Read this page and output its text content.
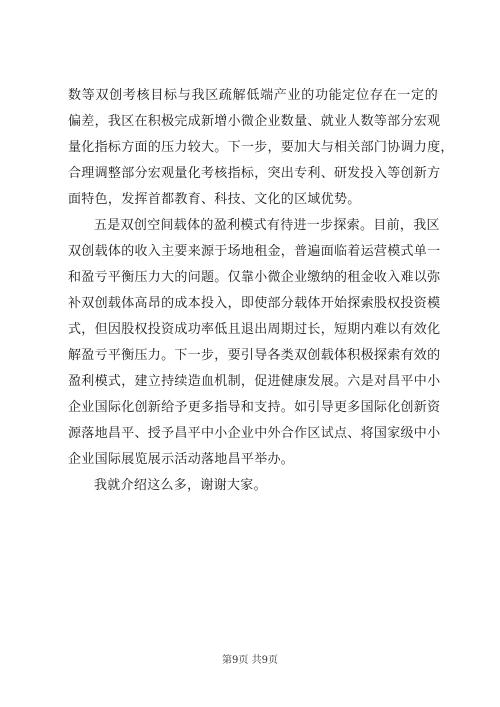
数等双创考核目标与我区疏解低端产业的功能定位存在一定的
偏差，我区在积极完成新增小微企业数量、就业人数等部分宏观
量化指标方面的压力较大。下一步，要加大与相关部门协调力度，
合理调整部分宏观量化考核指标，突出专利、研发投入等创新方
面特色，发挥首都教育、科技、文化的区域优势。
五是双创空间载体的盈利模式有待进一步探索。目前，我区
双创载体的收入主要来源于场地租金，普遍面临着运营模式单一
和盈亏平衡压力大的问题。仅靠小微企业缴纳的租金收入难以弥
补双创载体高昂的成本投入，即使部分载体开始探索股权投资模
式，但因股权投资成功率低且退出周期过长，短期内难以有效化
解盈亏平衡压力。下一步，要引导各类双创载体积极探索有效的
盈利模式，建立持续造血机制，促进健康发展。六是对昌平中小
企业国际化创新给予更多指导和支持。如引导更多国际化创新资
源落地昌平、授予昌平中小企业中外合作区试点、将国家级中小
企业国际展览展示活动落地昌平举办。
我就介绍这么多，谢谢大家。
第9页 共9页
